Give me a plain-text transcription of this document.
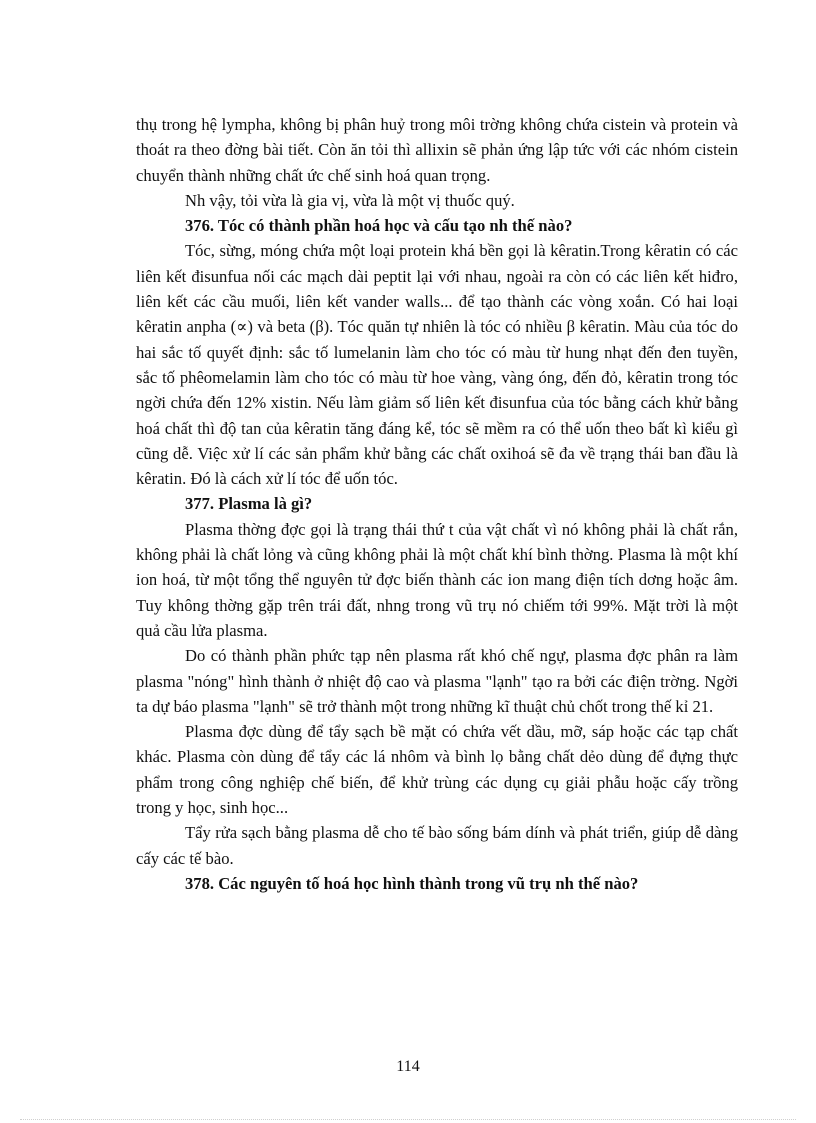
thụ trong hệ lympha, không bị phân huỷ trong môi trờng không chứa cistein và protein và thoát ra theo đờng bài tiết. Còn ăn tỏi thì allixin sẽ phản ứng lập tức với các nhóm cistein chuyển thành những chất ức chế sinh hoá quan trọng.

Nh vậy, tỏi vừa là gia vị, vừa là một vị thuốc quý.

376. Tóc có thành phần hoá học và cấu tạo nh thế nào?

Tóc, sừng, móng chứa một loại protein khá bền gọi là kêratin.Trong kêratin có các liên kết đisunfua nối các mạch dài peptit lại với nhau, ngoài ra còn có các liên kết hiđro, liên kết các cầu muối, liên kết vander walls... để tạo thành các vòng xoắn. Có hai loại kêratin anpha (∝) và beta (β). Tóc quăn tự nhiên là tóc có nhiều β kêratin. Màu của tóc do hai sắc tố quyết định: sắc tố lumelanin làm cho tóc có màu từ hung nhạt đến đen tuyền, sắc tố phêomelamin làm cho tóc có màu từ hoe vàng, vàng óng, đến đỏ, kêratin trong tóc ngời chứa đến 12% xistin. Nếu làm giảm số liên kết đisunfua của tóc bằng cách khử bằng hoá chất thì độ tan của kêratin tăng đáng kể, tóc sẽ mềm ra có thể uốn theo bất kì kiểu gì cũng dễ. Việc xử lí các sản phẩm khử bằng các chất oxihoá sẽ đa về trạng thái ban đầu là kêratin. Đó là cách xử lí tóc để uốn tóc.

377. Plasma là gì?

Plasma thờng đợc gọi là trạng thái thứ t của vật chất vì nó không phải là chất rắn, không phải là chất lỏng và cũng không phải là một chất khí bình thờng. Plasma là một khí ion hoá, từ một tổng thể nguyên tử đợc biến thành các ion mang điện tích dơng hoặc âm. Tuy không thờng gặp trên trái đất, nhng trong vũ trụ nó chiếm tới 99%. Mặt trời là một quả cầu lửa plasma.

Do có thành phần phức tạp nên plasma rất khó chế ngự, plasma đợc phân ra làm plasma "nóng" hình thành ở nhiệt độ cao và plasma "lạnh" tạo ra bởi các điện trờng. Ngời ta dự báo plasma "lạnh" sẽ trở thành một trong những kĩ thuật chủ chốt trong thế kỉ 21.

Plasma đợc dùng để tẩy sạch bề mặt có chứa vết dầu, mỡ, sáp hoặc các tạp chất khác. Plasma còn dùng để tẩy các lá nhôm và bình lọ bằng chất dẻo dùng để đựng thực phẩm trong công nghiệp chế biến, để khử trùng các dụng cụ giải phẫu hoặc cấy trồng trong y học, sinh học...

Tẩy rửa sạch bằng plasma dễ cho tế bào sống bám dính và phát triển, giúp dễ dàng cấy các tế bào.

378. Các nguyên tố hoá học hình thành trong vũ trụ nh thế nào?

114
